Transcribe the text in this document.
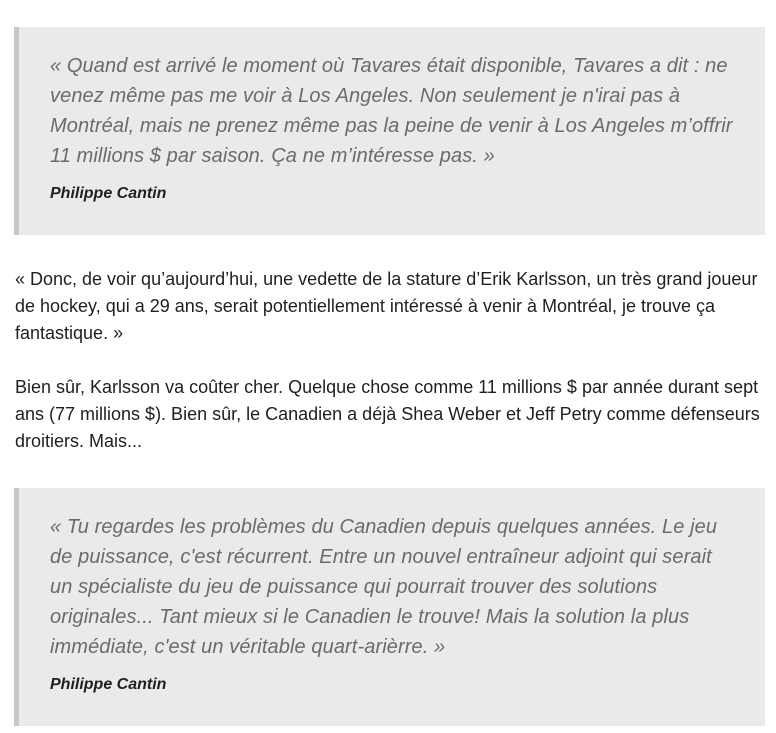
« Quand est arrivé le moment où Tavares était disponible, Tavares a dit : ne venez même pas me voir à Los Angeles. Non seulement je n'irai pas à Montréal, mais ne prenez même pas la peine de venir à Los Angeles m’offrir 11 millions $ par saison. Ça ne m’intéresse pas. »

Philippe Cantin

« Donc, de voir qu’aujourd’hui, une vedette de la stature d’Erik Karlsson, un très grand joueur de hockey, qui a 29 ans, serait potentiellement intéressé à venir à Montréal, je trouve ça fantastique. »

Bien sûr, Karlsson va coûter cher. Quelque chose comme 11 millions $ par année durant sept ans (77 millions $). Bien sûr, le Canadien a déjà Shea Weber et Jeff Petry comme défenseurs droitiers. Mais...

« Tu regardes les problèmes du Canadien depuis quelques années. Le jeu de puissance, c'est récurrent. Entre un nouvel entraîneur adjoint qui serait un spécialiste du jeu de puissance qui pourrait trouver des solutions originales... Tant mieux si le Canadien le trouve! Mais la solution la plus immédiate, c'est un véritable quart-arièrre. »

Philippe Cantin
